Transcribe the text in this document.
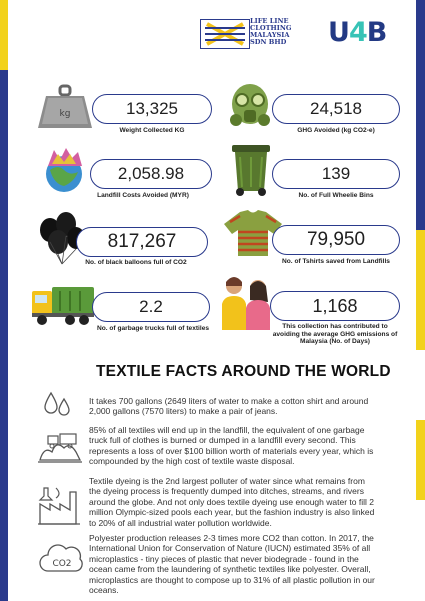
LIFE LINE
CLOTHING
MALAYSIA
SDN BHD U4B
kg	13,325
Weight Collected KG
24,518
GHG Avoided (kg CO2-e)
2,058.98
Landfill Costs Avoided (MYR)
139
No. of Full Wheelie Bins
817,267
No. of black balloons full of CO2
79,950
No. of Tshirts saved from Landfills
2.2
No. of garbage trucks full of textiles
1,168
This collection has contributed to
avoiding the average GHG emissions of
Malaysia (No. of Days)
TEXTILE FACTS AROUND THE WORLD
It takes 700 gallons (2649 liters of water to make a cotton shirt and around
2,000 gallons (7570 liters) to make a pair of jeans.
85% of all textiles will end up in the landfill, the equivalent of one garbage
truck full of clothes is burned or dumped in a landfill every second. This
represents a loss of over $100 billion worth of materials every year, which is
compounded by the high cost of textile waste disposal.
Textile dyeing is the 2nd largest polluter of water since what remains from
the dyeing process is frequently dumped into ditches, streams, and rivers
around the globe. And not only does textile dyeing use enough water to fill 2
million Olympic-sized pools each year, but the fashion industry is also linked
to 20% of all industrial water pollution worldwide.
CO2
Polyester production releases 2-3 times more CO2 than cotton. In 2017, the
International Union for Conservation of Nature (IUCN) estimated 35% of all
microplastics - tiny pieces of plastic that never biodegrade - found in the
ocean came from the laundering of synthetic textiles like polyester. Overall,
microplastics are thought to compose up to 31% of all plastic pollution in our
oceans.
